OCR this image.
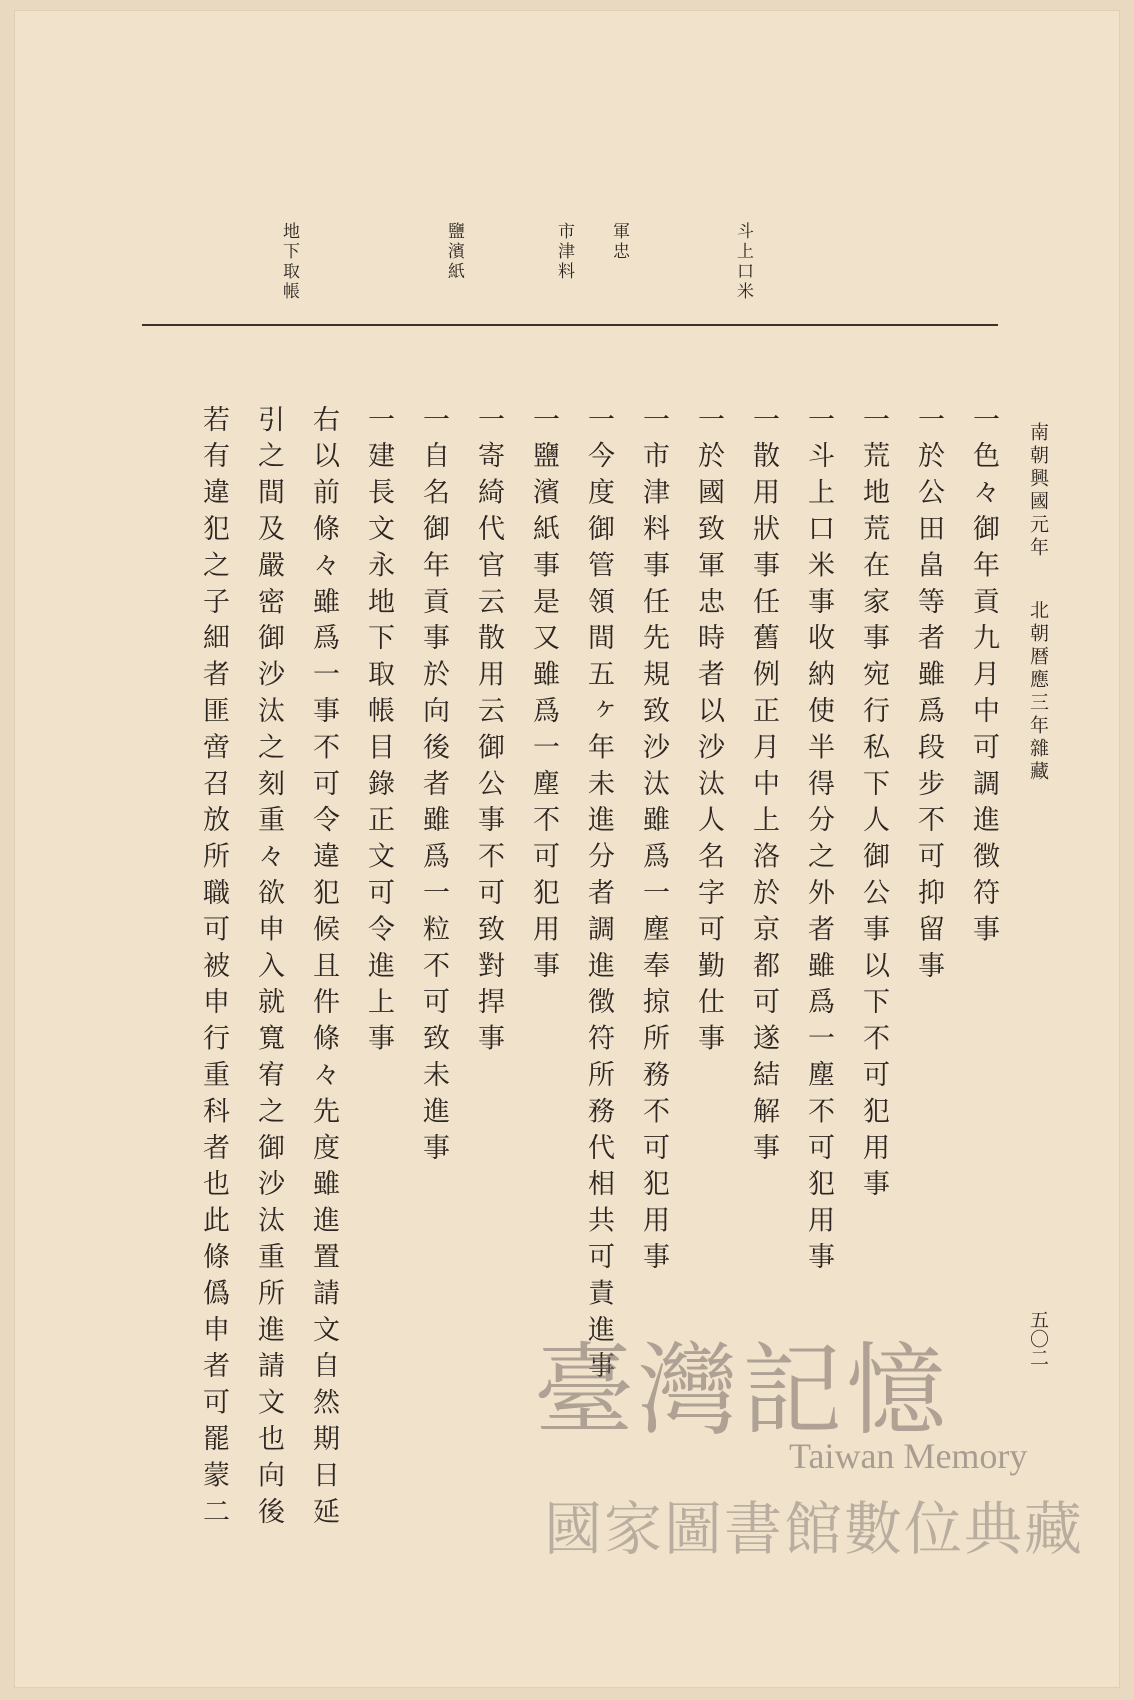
南朝興國元年
北朝暦應三年雜藏
五〇二
斗上口米
軍忠
市津料
鹽濱紙
地下取帳
一色々御年貢九月中可調進徴符事
一於公田畠等者雖爲段步不可抑留事
一荒地荒在家事宛行私下人御公事以下不可犯用事
一斗上口米事收納使半得分之外者雖爲一塵不可犯用事
一散用狀事任舊例正月中上洛於京都可遂結解事
一於國致軍忠時者以沙汰人名字可勤仕事
一市津料事任先規致沙汰雖爲一塵奉掠所務不可犯用事
一今度御管領間五ヶ年未進分者調進徴符所務代相共可責進事
一鹽濱紙事是又雖爲一塵不可犯用事
一寄綺代官云散用云御公事不可致對捍事
一自名御年貢事於向後者雖爲一粒不可致未進事
一建長文永地下取帳目錄正文可令進上事
右以前條々雖爲一事不可令違犯候且件條々先度雖進置請文自然期日延
引之間及嚴密御沙汰之刻重々欲申入就寬宥之御沙汰重所進請文也向後
若有違犯之子細者匪啻召放所職可被申行重科者也此條僞申者可罷蒙二	臺灣記憶
Taiwan Memory
國家圖書館數位典藏
